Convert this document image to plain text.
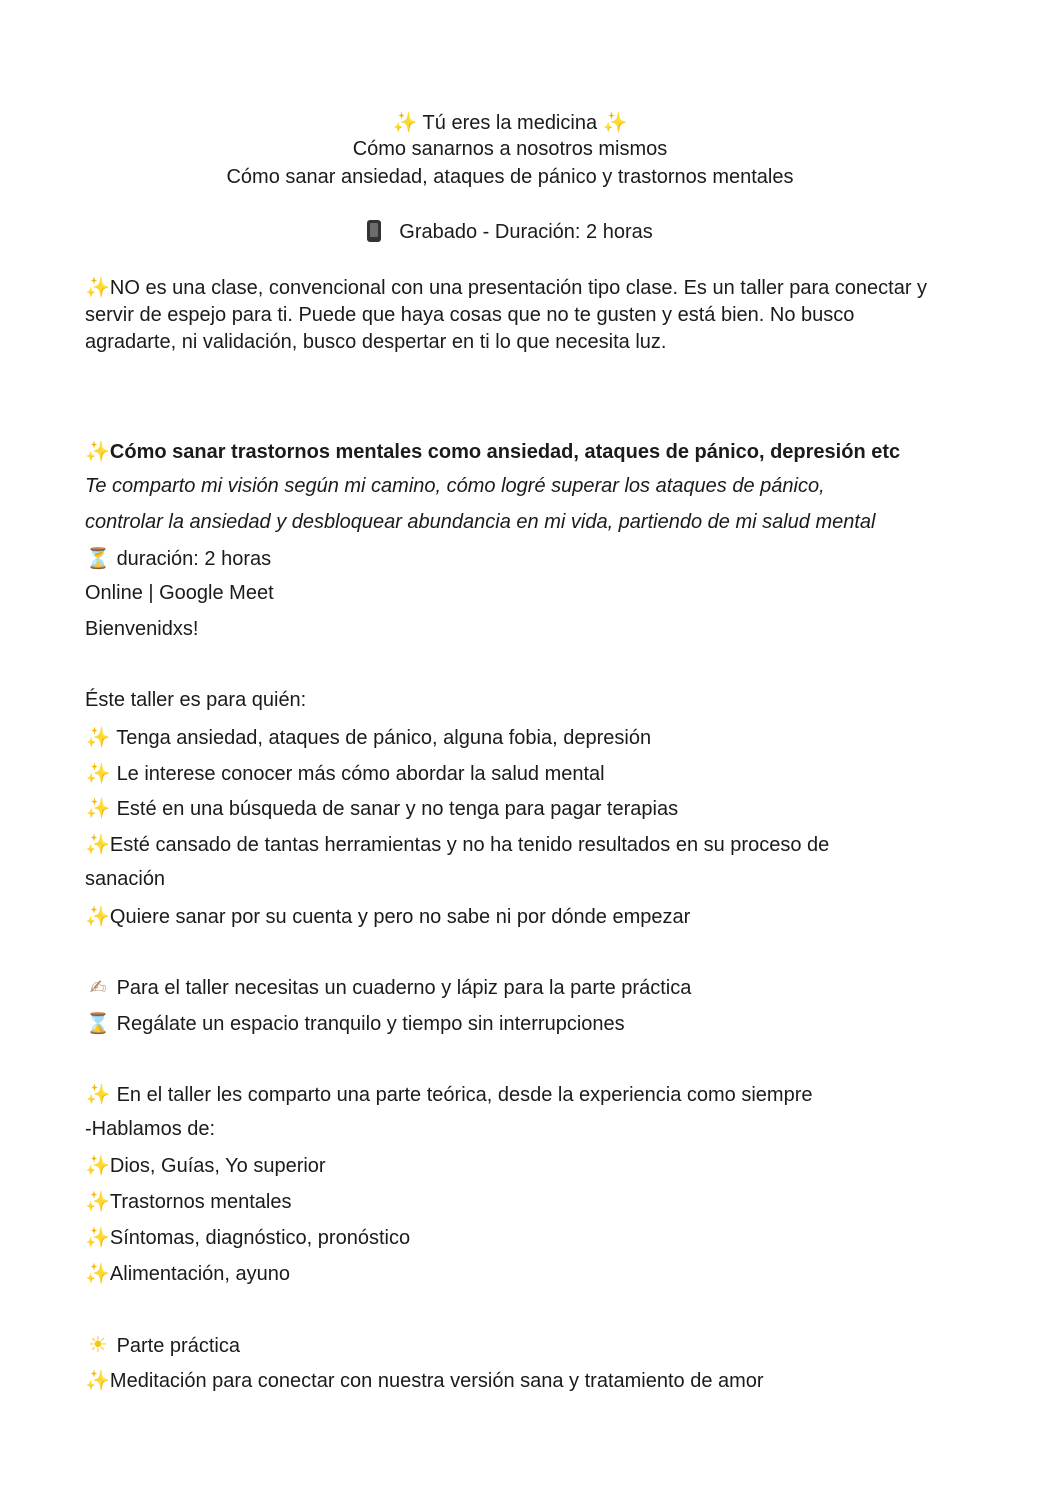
✨ Tú eres la medicina ✨
Cómo sanarnos a nosotros mismos
Cómo sanar ansiedad, ataques de pánico y trastornos mentales
Grabado - Duración: 2 horas
✨NO es una clase, convencional con una presentación tipo clase. Es un taller para conectar y servir de espejo para ti. Puede que haya cosas que no te gusten y está bien. No busco agradarte, ni validación, busco despertar en ti lo que necesita luz.
✨Cómo sanar trastornos mentales como ansiedad, ataques de pánico, depresión etc
Te comparto mi visión según mi camino, cómo logré superar los ataques de pánico,
controlar la ansiedad y desbloquear abundancia en mi vida, partiendo de mi salud mental
⏳ duración: 2 horas
Online | Google Meet
Bienvenidxs!
Éste taller es para quién:
✨ Tenga ansiedad, ataques de pánico, alguna fobia, depresión
✨ Le interese conocer más cómo abordar la salud mental
✨ Esté en una búsqueda de sanar y no tenga para pagar terapias
✨Esté cansado de tantas herramientas y no ha tenido resultados en su proceso de
sanación
✨Quiere sanar por su cuenta y pero no sabe ni por dónde empezar
✍ Para el taller necesitas un cuaderno y lápiz para la parte práctica
⌛ Regálate un espacio tranquilo y tiempo sin interrupciones
✨ En el taller les comparto una parte teórica, desde la experiencia como siempre
-Hablamos de:
✨Dios, Guías, Yo superior
✨Trastornos mentales
✨Síntomas, diagnóstico, pronóstico
✨Alimentación, ayuno
☀ Parte práctica
✨Meditación para conectar con nuestra versión sana y tratamiento de amor
